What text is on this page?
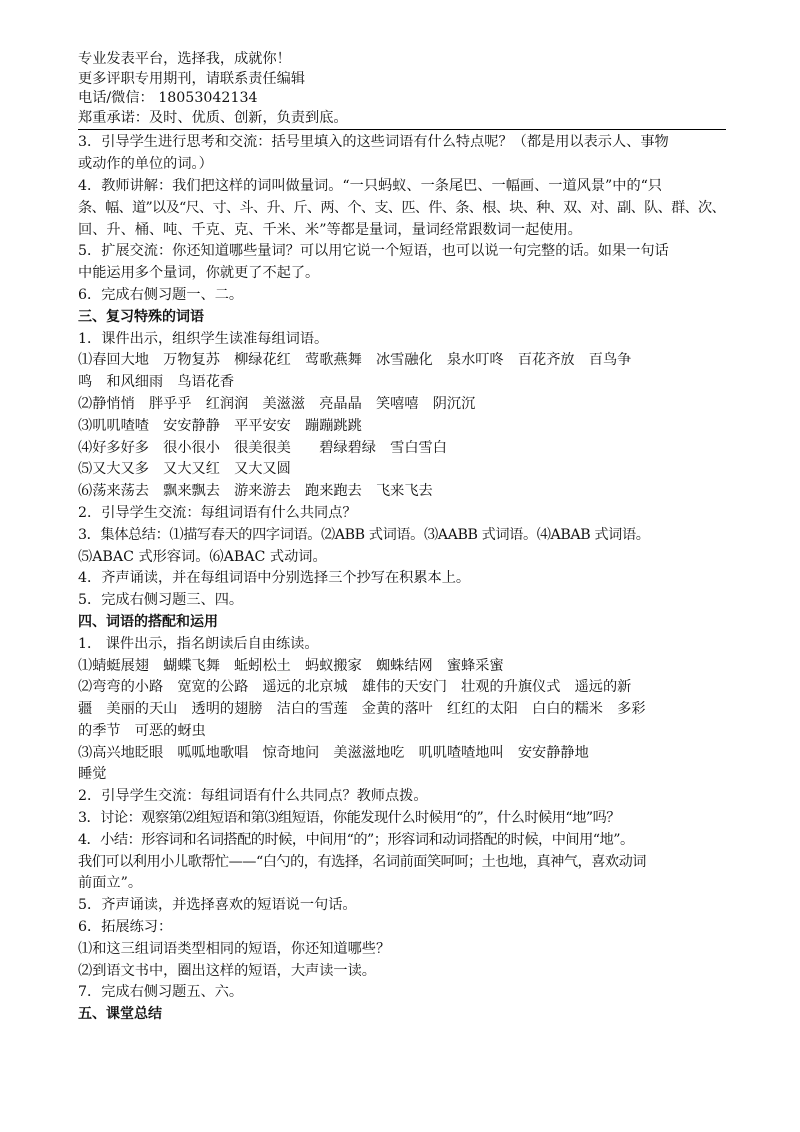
专业发表平台，选择我，成就你！
更多评职专用期刊，请联系责任编辑
电话/微信： 18053042134
郑重承诺：及时、优质、创新，负责到底。
3．引导学生进行思考和交流：括号里填入的这些词语有什么特点呢？（都是用以表示人、事物
或动作的单位的词。）
4．教师讲解：我们把这样的词叫做量词。“一只蚂蚁、一条尾巴、一幅画、一道风景”中的“只
条、幅、道”以及“尺、寸、斗、升、斤、两、个、支、匹、件、条、根、块、种、双、对、副、队、群、次、
回、升、桶、吨、千克、克、千米、米”等都是量词，量词经常跟数词一起使用。
5．扩展交流：你还知道哪些量词？可以用它说一个短语，也可以说一句完整的话。如果一句话
中能运用多个量词，你就更了不起了。
6．完成右侧习题一、二。
三、复习特殊的词语
1．课件出示，组织学生读准每组词语。
⑴春回大地　万物复苏　柳绿花红　莺歌燕舞　冰雪融化　泉水叮咚　百花齐放　百鸟争
鸣　和风细雨　鸟语花香
⑵静悄悄　胖乎乎　红润润　美滋滋　亮晶晶　笑嘻嘻　阴沉沉
⑶叽叽喳喳　安安静静　平平安安　蹦蹦跳跳
⑷好多好多　很小很小　很美很美　　碧绿碧绿　雪白雪白
⑸又大又多　又大又红　又大又圆
⑹荡来荡去　飘来飘去　游来游去　跑来跑去　飞来飞去
2．引导学生交流：每组词语有什么共同点？
3．集体总结：⑴描写春天的四字词语。⑵ABB 式词语。⑶AABB 式词语。⑷ABAB 式词语。
⑸ABAC 式形容词。⑹ABAC 式动词。
4．齐声诵读，并在每组词语中分别选择三个抄写在积累本上。
5．完成右侧习题三、四。
四、词语的搭配和运用
1． 课件出示，指名朗读后自由练读。
⑴蜻蜓展翅　蝴蝶飞舞　蚯蚓松土　蚂蚁搬家　蜘蛛结网　蜜蜂采蜜
⑵弯弯的小路　宽宽的公路　遥远的北京城　雄伟的天安门　壮观的升旗仪式　遥远的新
疆　美丽的天山　透明的翅膀　洁白的雪莲　金黄的落叶　红红的太阳　白白的糯米　多彩
的季节　可恶的蚜虫
⑶高兴地眨眼　呱呱地歌唱　惊奇地问　美滋滋地吃　叽叽喳喳地叫　安安静静地
睡觉
2．引导学生交流：每组词语有什么共同点？教师点拨。
3．讨论：观察第⑵组短语和第⑶组短语，你能发现什么时候用“的”，什么时候用“地”吗？
4．小结：形容词和名词搭配的时候，中间用“的”；形容词和动词搭配的时候，中间用“地”。
我们可以利用小儿歌帮忙——“白勺的，有选择，名词前面笑呵呵；土也地，真神气，喜欢动词
前面立”。
5．齐声诵读，并选择喜欢的短语说一句话。
6．拓展练习：
⑴和这三组词语类型相同的短语，你还知道哪些？
⑵到语文书中，圈出这样的短语，大声读一读。
7．完成右侧习题五、六。
五、课堂总结
